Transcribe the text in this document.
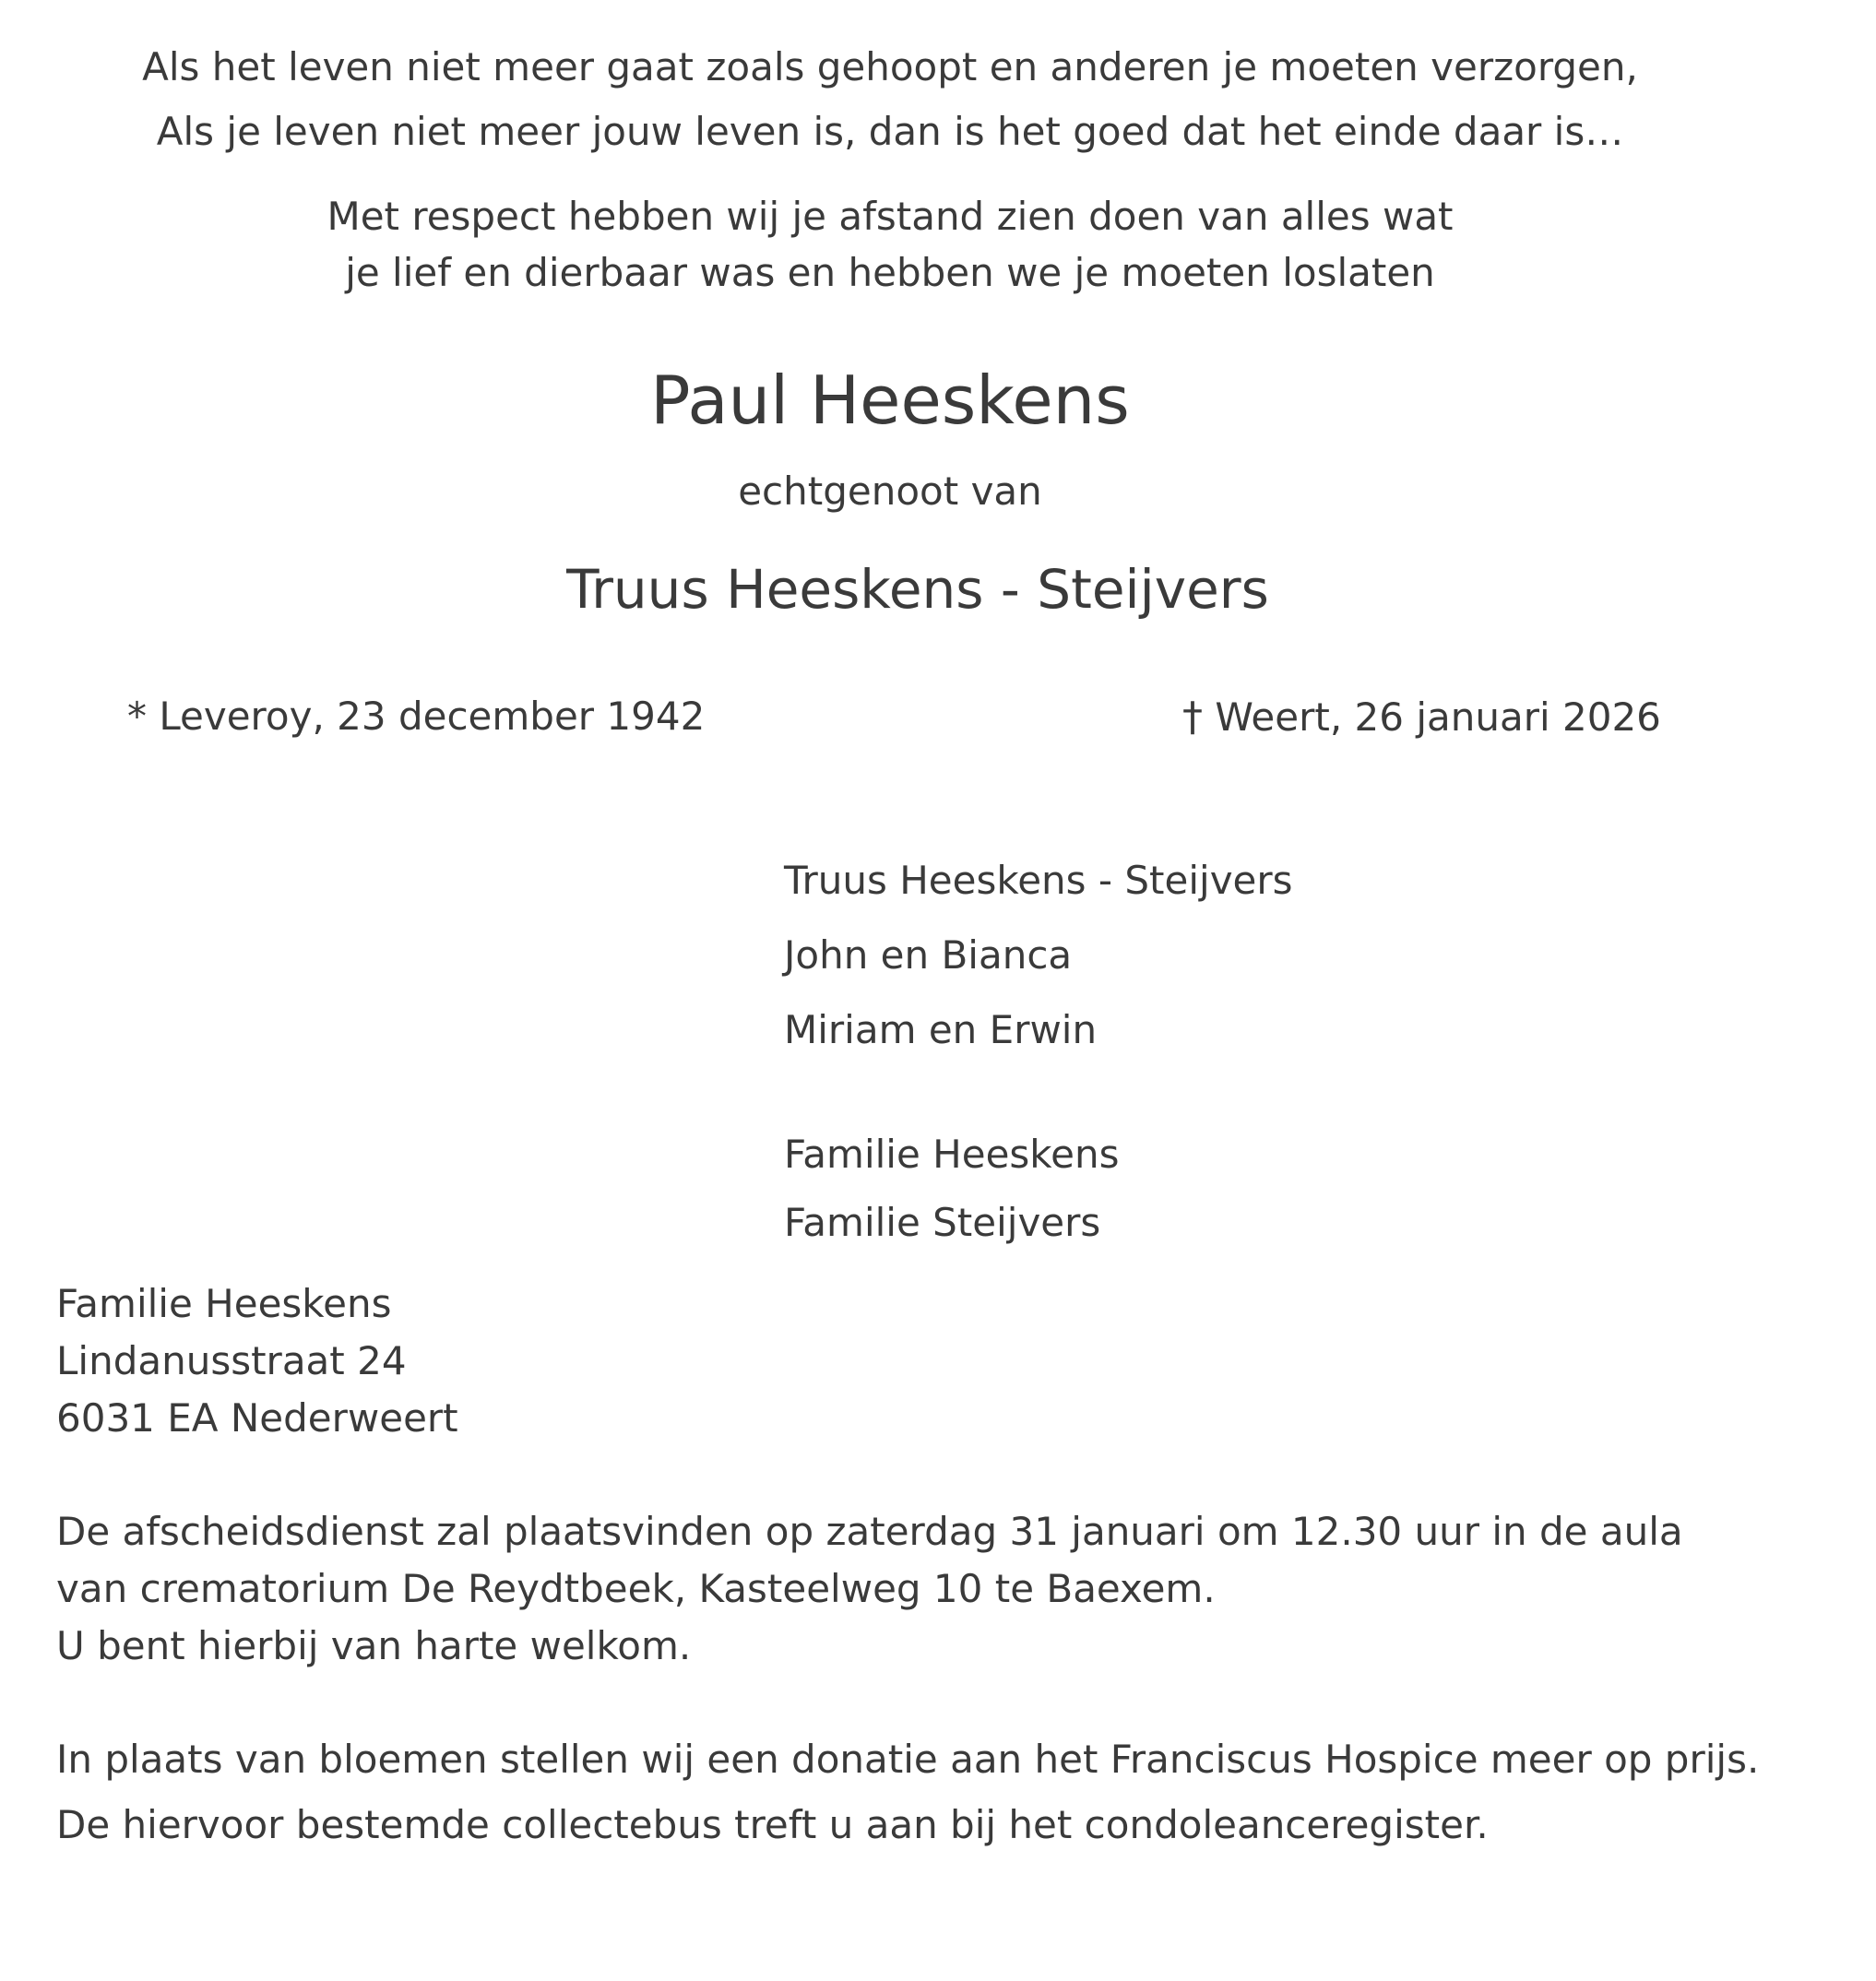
Als het leven niet meer gaat zoals gehoopt en anderen je moeten verzorgen,
Als je leven niet meer jouw leven is, dan is het goed dat het einde daar is…
Met respect hebben wij je afstand zien doen van alles wat
je lief en dierbaar was en hebben we je moeten loslaten
Paul Heeskens
echtgenoot van
Truus Heeskens - Steijvers
* Leveroy, 23 december 1942	† Weert, 26 januari 2026
Truus Heeskens - Steijvers
John en Bianca
Miriam en Erwin
Familie Heeskens
Familie Steijvers
Familie Heeskens
Lindanusstraat 24
6031 EA Nederweert
De afscheidsdienst zal plaatsvinden op zaterdag 31 januari om 12.30 uur in de aula
van crematorium De Reydtbeek, Kasteelweg 10 te Baexem.
U bent hierbij van harte welkom.
In plaats van bloemen stellen wij een donatie aan het Franciscus Hospice meer op prijs.
De hiervoor bestemde collectebus treft u aan bij het condoleanceregister.
